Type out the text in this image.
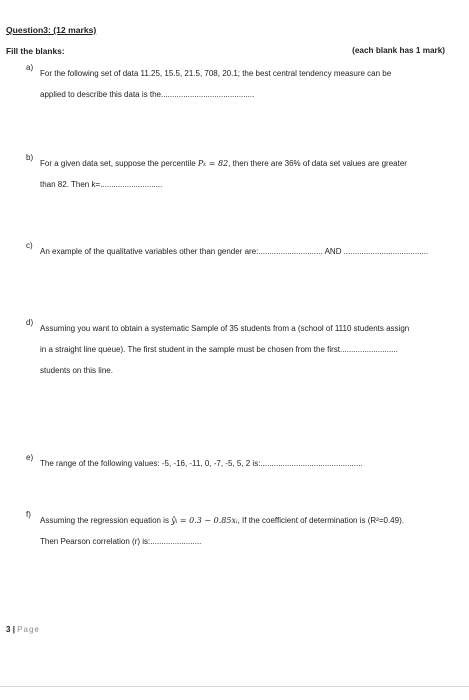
Question3: (12 marks)
Fill the blanks:	(each blank has 1 mark)
a)
For the following set of data 11.25, 15.5, 21.5, 708, 20.1; the best central tendency measure can be
applied to describe this data is the..........................................
b)
For a given data set, suppose the percentile Pₖ = 82, then there are 36% of data set values are greater
than 82. Then k=............................
c)
An example of the qualitative variables other than gender are:............................. AND ......................................
d)
Assuming you want to obtain a systematic Sample of 35 students from a (school of 1110 students assign
in a straight line queue). The first student in the sample must be chosen from the first..........................
students on this line.
e)
The range of the following values: -5, -16, -11, 0, -7, -5, 5, 2 is:..............................................
f)
Assuming the regression equation is ŷᵢ = 0.3 − 0.85xᵢ, If the coefficient of determination is (R²=0.49).
Then Pearson correlation (r) is:.......................
3 | Page
